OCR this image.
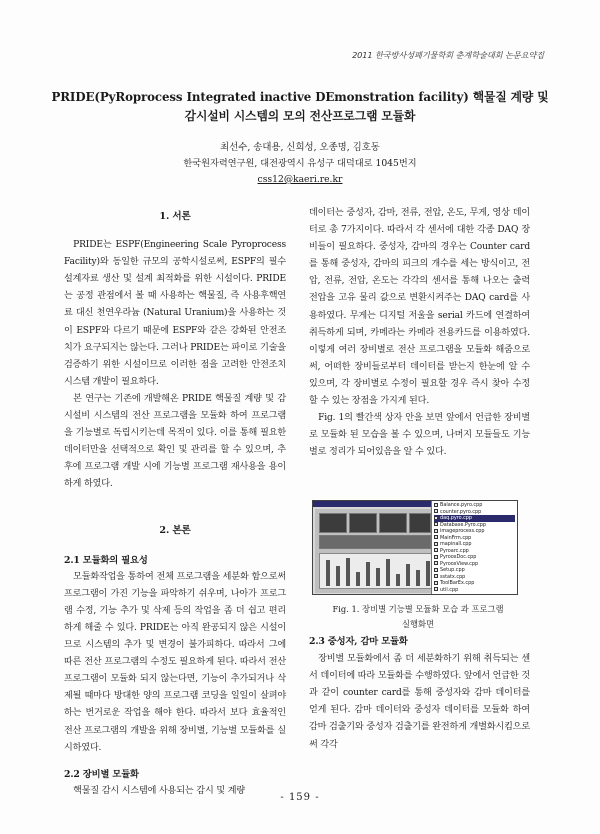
2011 한국방사성폐기물학회 춘계학술대회 논문요약집
PRIDE(PyRoprocess Integrated inactive DEmonstration facility) 핵물질 계량 및
감시설비 시스템의 모의 전산프로그램 모듈화
최선수, 송대용, 신희성, 오종명, 김호동
한국원자력연구원, 대전광역시 유성구 대덕대로 1045번지
css12@kaeri.re.kr
1. 서론

PRIDE는 ESPF(Engineering Scale Pyroprocess Facility)와 동일한 규모의 공학시설로써, ESPF의 필수설계자료 생산 및 설계 최적화를 위한 시설이다. PRIDE는 공정 관점에서 볼 때 사용하는 핵물질, 즉 사용후핵연료 대신 천연우라늄 (Natural Uranium)을 사용하는 것이 ESPF와 다르기 때문에 ESPF와 같은 강화된 안전조치가 요구되지는 않는다. 그러나 PRIDE는 파이로 기술을 검증하기 위한 시설이므로 이러한 점을 고려한 안전조치 시스템 개발이 필요하다.

본 연구는 기존에 개발해온 PRIDE 핵물질 계량 및 감시설비 시스템의 전산 프로그램을 모듈화 하여 프로그램을 기능별로 독립시키는데 목적이 있다. 이를 통해 필요한 데이터만을 선택적으로 확인 및 관리를 할 수 있으며, 추후에 프로그램 개발 시에 기능별 프로그램 재사용을 용이하게 하였다.

2. 본론
2.1 모듈화의 필요성

모듈화작업을 통하여 전체 프로그램을 세분화 함으로써 프로그램이 가진 기능을 파악하기 쉬우며, 나아가 프로그램 수정, 기능 추가 및 삭제 등의 작업을 좀 더 쉽고 편리하게 해줄 수 있다. PRIDE는 아직 완공되지 않은 시설이므로 시스템의 추가 및 변경이 불가피하다. 따라서 그에 따른 전산 프로그램의 수정도 필요하게 된다. 따라서 전산 프로그램이 모듈화 되지 않는다면, 기능이 추가되거나 삭제될 때마다 방대한 양의 프로그램 코딩을 일일이 살펴야하는 번거로운 작업을 해야 한다. 따라서 보다 효율적인 전산 프로그램의 개발을 위해 장비별, 기능별 모듈화를 실시하였다.

2.2 장비별 모듈화

핵물질 감시 시스템에 사용되는 감시 및 계량

데이터는 중성자, 감마, 전류, 전압, 온도, 무게, 영상 데이터로 총 7가지이다. 따라서 각 센서에 대한 각종 DAQ 장비들이 필요하다. 중성자, 감마의 경우는 Counter card를 통해 중성자, 감마의 피크의 개수를 세는 방식이고, 전압, 전류, 전압, 온도는 각각의 센서를 통해 나오는 출력 전압을 고유 물리 값으로 변환시켜주는 DAQ card를 사용하였다. 무게는 디지털 저울을 serial 카드에 연결하여 취득하게 되며, 카메라는 카메라 전용카드를 이용하였다. 이렇게 여러 장비별로 전산 프로그램을 모듈화 해줌으로써, 어떠한 장비들로부터 데이터를 받는지 한눈에 알 수 있으며, 각 장비별로 수정이 필요할 경우 즉시 찾아 수정할 수 있는 장점을 가지게 된다.

Fig. 1의 빨간색 상자 안을 보면 앞에서 언급한 장비별로 모듈화 된 모습을 볼 수 있으며, 나머지 모듈들도 기능별로 정리가 되어있음을 알 수 있다.

Balance.pyro.cpp
counter.pyro.cpp
daq.pyro.cpp
Database.Pyro.cpp
imageprocess.cpp
MainFrm.cpp
mapinall.cpp
Pyroarc.cpp
PyrooxDoc.cpp
PyrooxView.cpp
Setup.cpp
sstatx.cpp
ToolBarEx.cpp
util.cpp
Fig. 1. 장비별 기능별 모듈화 모습 과 프로그램
실행화면
2.3 중성자, 감마 모듈화

장비별 모듈화에서 좀 더 세분화하기 위해 취득되는 센서 데이터에 따라 모듈화를 수행하였다. 앞에서 언급한 것과 같이 counter card를 통해 중성자와 감마 데이터를 얻게 된다. 감마 데이터와 중성자 데이터를 모듈화 하여 감마 검출기와 중성자 검출기를 완전하게 개별화시킴으로써 각각

- 159 -
